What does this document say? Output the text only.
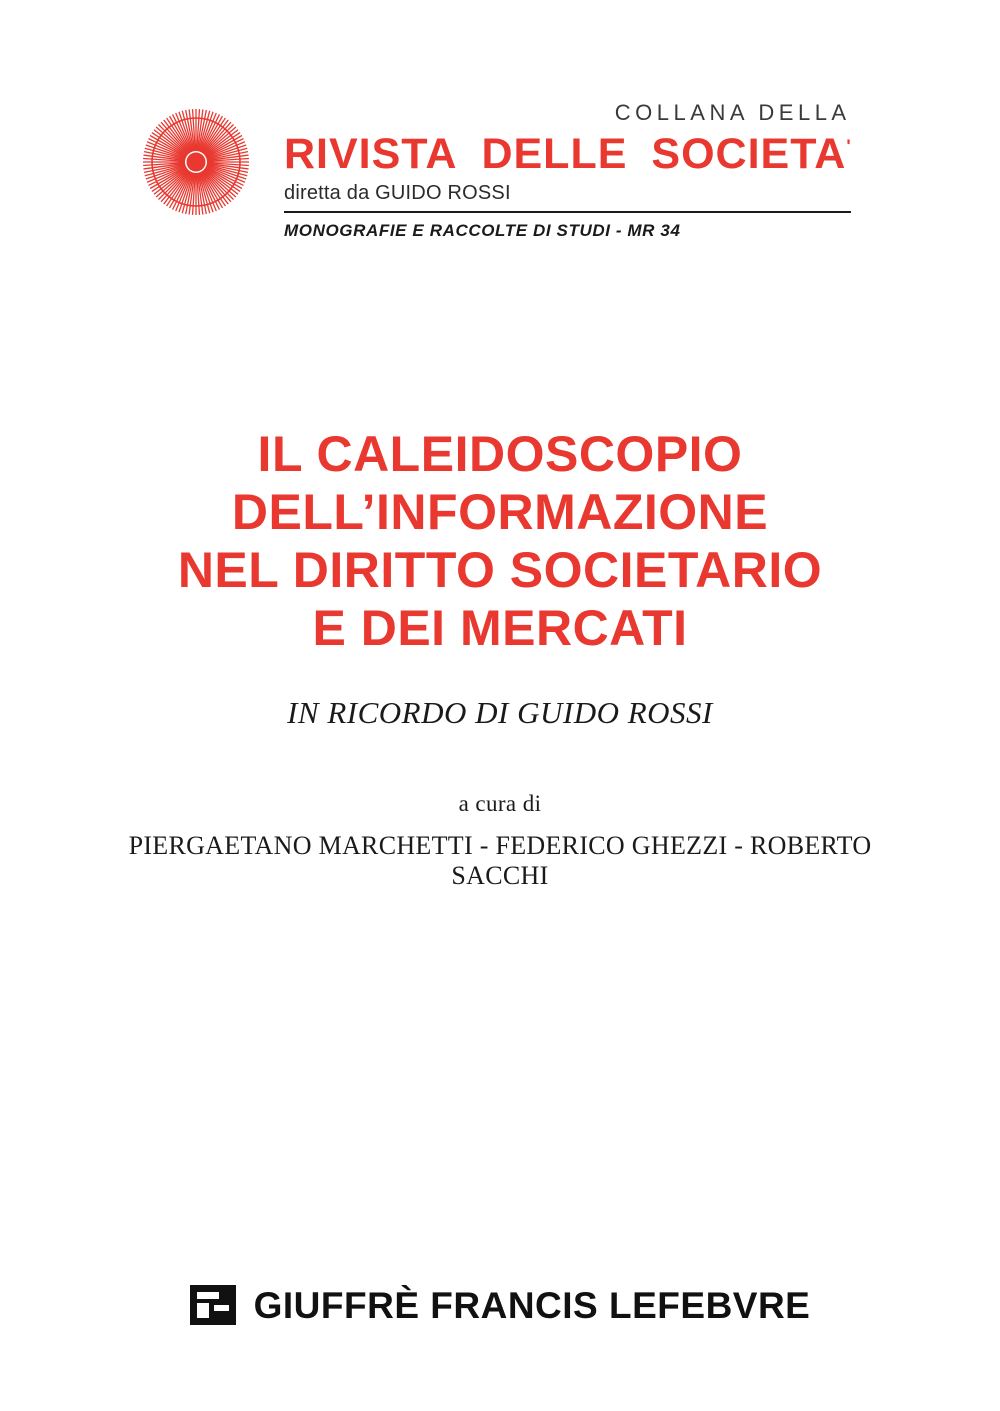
COLLANA DELLA
RIVISTA DELLE SOCIETA'
diretta da GUIDO ROSSI
MONOGRAFIE E RACCOLTE DI STUDI - MR 34
IL CALEIDOSCOPIO
DELL’INFORMAZIONE
NEL DIRITTO SOCIETARIO
E DEI MERCATI
IN RICORDO DI GUIDO ROSSI
a cura di
PIERGAETANO MARCHETTI - FEDERICO GHEZZI - ROBERTO SACCHI
GIUFFRÈ FRANCIS LEFEBVRE
